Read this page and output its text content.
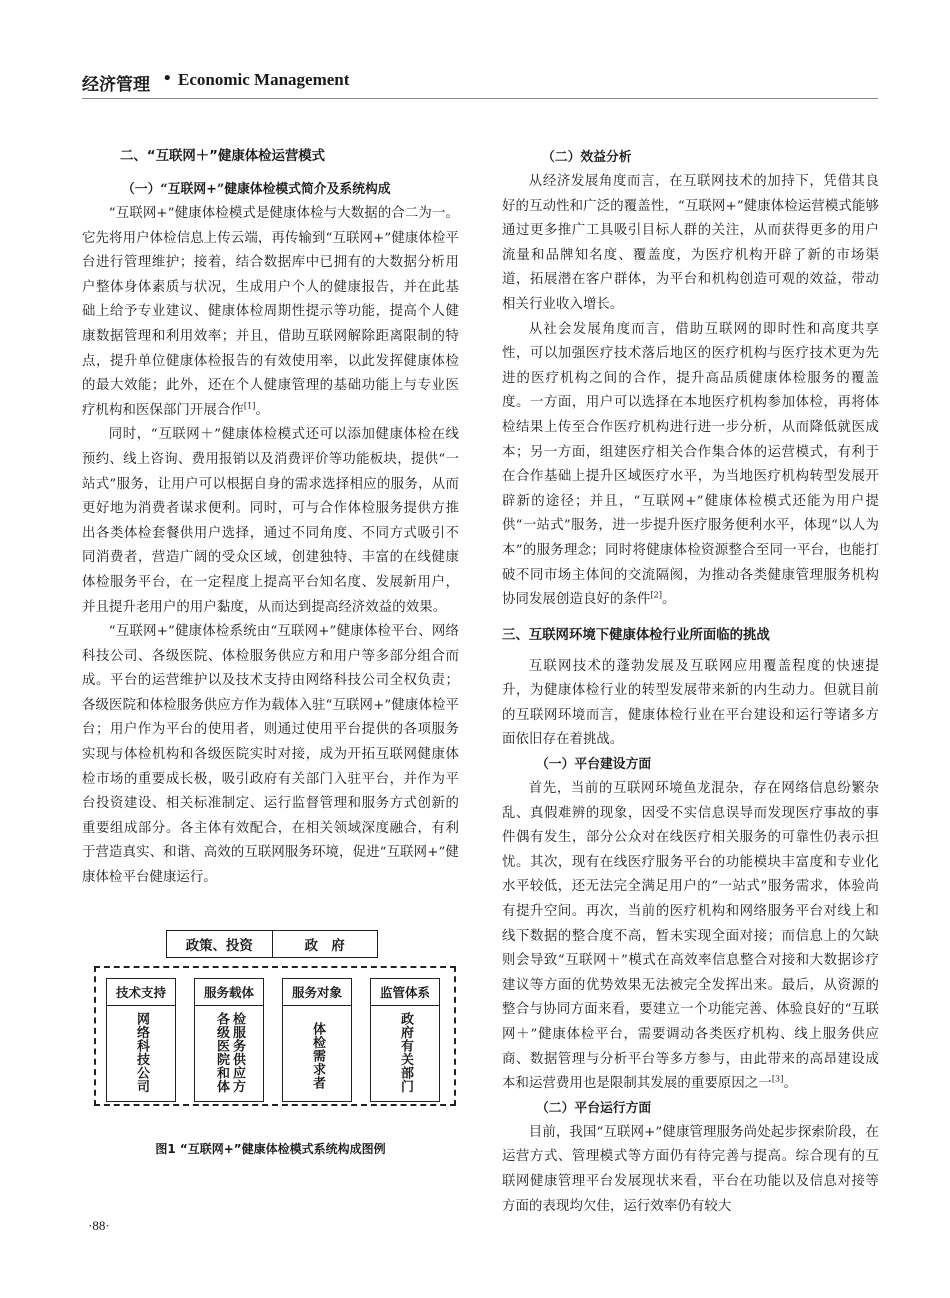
经济管理 • Economic Management
二、“互联网＋”健康体检运营模式
（一）“互联网+”健康体检模式简介及系统构成

“互联网+”健康体检模式是健康体检与大数据的合二为一。它先将用户体检信息上传云端，再传输到“互联网+”健康体检平台进行管理维护；接着，结合数据库中已拥有的大数据分析用户整体身体素质与状况，生成用户个人的健康报告，并在此基础上给予专业建议、健康体检周期性提示等功能，提高个人健康数据管理和利用效率；并且，借助互联网解除距离限制的特点，提升单位健康体检报告的有效使用率，以此发挥健康体检的最大效能；此外，还在个人健康管理的基础功能上与专业医疗机构和医保部门开展合作[1]。

同时，“互联网＋”健康体检模式还可以添加健康体检在线预约、线上咨询、费用报销以及消费评价等功能板块，提供“一站式”服务，让用户可以根据自身的需求选择相应的服务，从而更好地为消费者谋求便利。同时，可与合作体检服务提供方推出各类体检套餐供用户选择，通过不同角度、不同方式吸引不同消费者，营造广阔的受众区域，创建独特、丰富的在线健康体检服务平台，在一定程度上提高平台知名度、发展新用户，并且提升老用户的用户黏度，从而达到提高经济效益的效果。

“互联网+”健康体检系统由“互联网+”健康体检平台、网络科技公司、各级医院、体检服务供应方和用户等多部分组合而成。平台的运营维护以及技术支持由网络科技公司全权负责；各级医院和体检服务供应方作为载体入驻“互联网+”健康体检平台；用户作为平台的使用者，则通过使用平台提供的各项服务实现与体检机构和各级医院实时对接，成为开拓互联网健康体检市场的重要成长极，吸引政府有关部门入驻平台，并作为平台投资建设、相关标准制定、运行监督管理和服务方式创新的重要组成部分。各主体有效配合，在相关领域深度融合，有利于营造真实、和谐、高效的互联网服务环境，促进“互联网+”健康体检平台健康运行。

政策、投资	政　府
技术支持
网络科技公司
服务载体
各级医院和体 检服务供应方
服务对象
体检需求者
监管体系
政府有关部门
图1 “互联网+”健康体检模式系统构成图例
（二）效益分析

从经济发展角度而言，在互联网技术的加持下，凭借其良好的互动性和广泛的覆盖性，“互联网+”健康体检运营模式能够通过更多推广工具吸引目标人群的关注，从而获得更多的用户流量和品牌知名度、覆盖度，为医疗机构开辟了新的市场渠道，拓展潜在客户群体，为平台和机构创造可观的效益，带动相关行业收入增长。

从社会发展角度而言，借助互联网的即时性和高度共享性，可以加强医疗技术落后地区的医疗机构与医疗技术更为先进的医疗机构之间的合作，提升高品质健康体检服务的覆盖度。一方面，用户可以选择在本地医疗机构参加体检，再将体检结果上传至合作医疗机构进行进一步分析，从而降低就医成本；另一方面，组建医疗相关合作集合体的运营模式，有利于在合作基础上提升区域医疗水平，为当地医疗机构转型发展开辟新的途径；并且，“互联网+”健康体检模式还能为用户提供“一站式”服务，进一步提升医疗服务便利水平，体现“以人为本”的服务理念；同时将健康体检资源整合至同一平台，也能打破不同市场主体间的交流隔阂，为推动各类健康管理服务机构协同发展创造良好的条件[2]。

三、互联网环境下健康体检行业所面临的挑战

互联网技术的蓬勃发展及互联网应用覆盖程度的快速提升，为健康体检行业的转型发展带来新的内生动力。但就目前的互联网环境而言，健康体检行业在平台建设和运行等诸多方面依旧存在着挑战。

（一）平台建设方面

首先，当前的互联网环境鱼龙混杂，存在网络信息纷繁杂乱、真假难辨的现象，因受不实信息误导而发现医疗事故的事件偶有发生，部分公众对在线医疗相关服务的可靠性仍表示担忧。其次，现有在线医疗服务平台的功能模块丰富度和专业化水平较低，还无法完全满足用户的“一站式”服务需求，体验尚有提升空间。再次，当前的医疗机构和网络服务平台对线上和线下数据的整合度不高，暂未实现全面对接；而信息上的欠缺则会导致“互联网＋”模式在高效率信息整合对接和大数据诊疗建议等方面的优势效果无法被完全发挥出来。最后，从资源的整合与协同方面来看，要建立一个功能完善、体验良好的“互联网＋”健康体检平台，需要调动各类医疗机构、线上服务供应商、数据管理与分析平台等多方参与，由此带来的高昂建设成本和运营费用也是限制其发展的重要原因之一[3]。

（二）平台运行方面

目前，我国“互联网+”健康管理服务尚处起步探索阶段，在运营方式、管理模式等方面仍有待完善与提高。综合现有的互联网健康管理平台发展现状来看，平台在功能以及信息对接等方面的表现均欠佳，运行效率仍有较大

·88·
